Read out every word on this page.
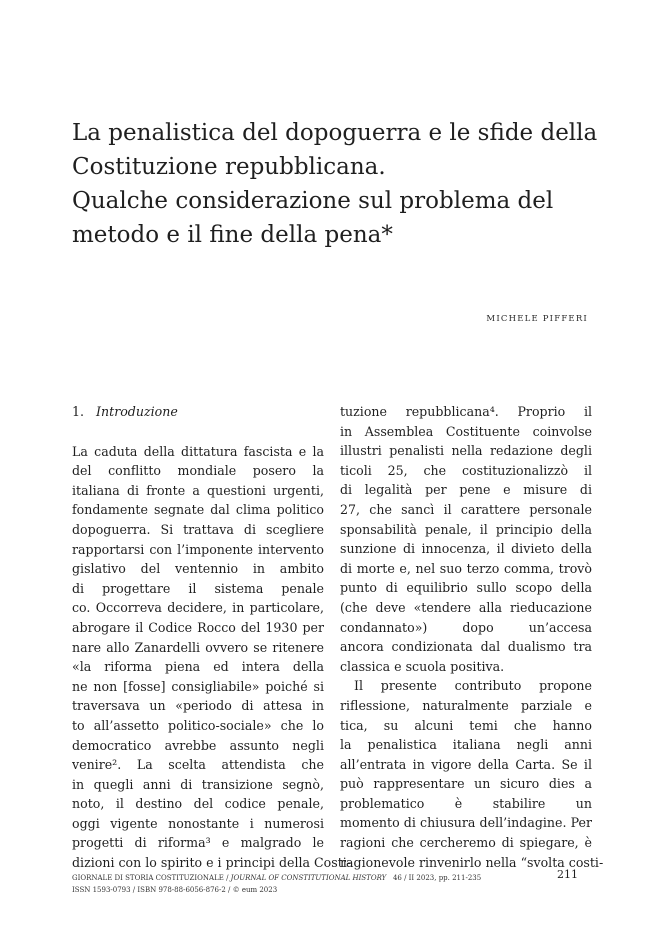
La penalistica del dopoguerra e le sfide della
Costituzione repubblicana.
Qualche considerazione sul problema del
metodo e il fine della pena*
MICHELE PIFFERI
1. Introduzione
La caduta della dittatura fascista e la
del conflitto mondiale posero la
italiana di fronte a questioni urgenti,
fondamente segnate dal clima politico
dopoguerra. Si trattava di scegliere
rapportarsi con l’imponente intervento
gislativo del ventennio in ambito
di progettare il sistema penale
co. Occorreva decidere, in particolare,
abrogare il Codice Rocco del 1930 per
nare allo Zanardelli ovvero se ritenere
«la riforma piena ed intera della
ne non [fosse] consigliabile» poiché si
traversava un «periodo di attesa in
to all’assetto politico-sociale» che lo
democratico avrebbe assunto negli
venire². La scelta attendista che
in quegli anni di transizione segnò,
noto, il destino del codice penale,
oggi vigente nonostante i numerosi
progetti di riforma³ e malgrado le
dizioni con lo spirito e i principi della Costi-
tuzione repubblicana⁴. Proprio il
in Assemblea Costituente coinvolse
illustri penalisti nella redazione degli
ticoli 25, che costituzionalizzò il
di legalità per pene e misure di
27, che sancì il carattere personale
sponsabilità penale, il principio della
sunzione di innocenza, il divieto della
di morte e, nel suo terzo comma, trovò
punto di equilibrio sullo scopo della
(che deve «tendere alla rieducazione
condannato») dopo un’accesa
ancora condizionata dal dualismo tra
classica e scuola positiva.
Il presente contributo propone
riflessione, naturalmente parziale e
tica, su alcuni temi che hanno
la penalistica italiana negli anni
all’entrata in vigore della Carta. Se il
può rappresentare un sicuro dies a
problematico è stabilire un
momento di chiusura dell’indagine. Per
ragioni che cercheremo di spiegare, è
ragionevole rinvenirlo nella “svolta costi-
GIORNALE DI STORIA COSTITUZIONALE /
JOURNAL OF CONSTITUTIONAL HISTORY
46 / II 2023, pp. 211-235
ISSN 1593-0793 / ISBN 978-88-6056-876-2 / © eum 2023
211
